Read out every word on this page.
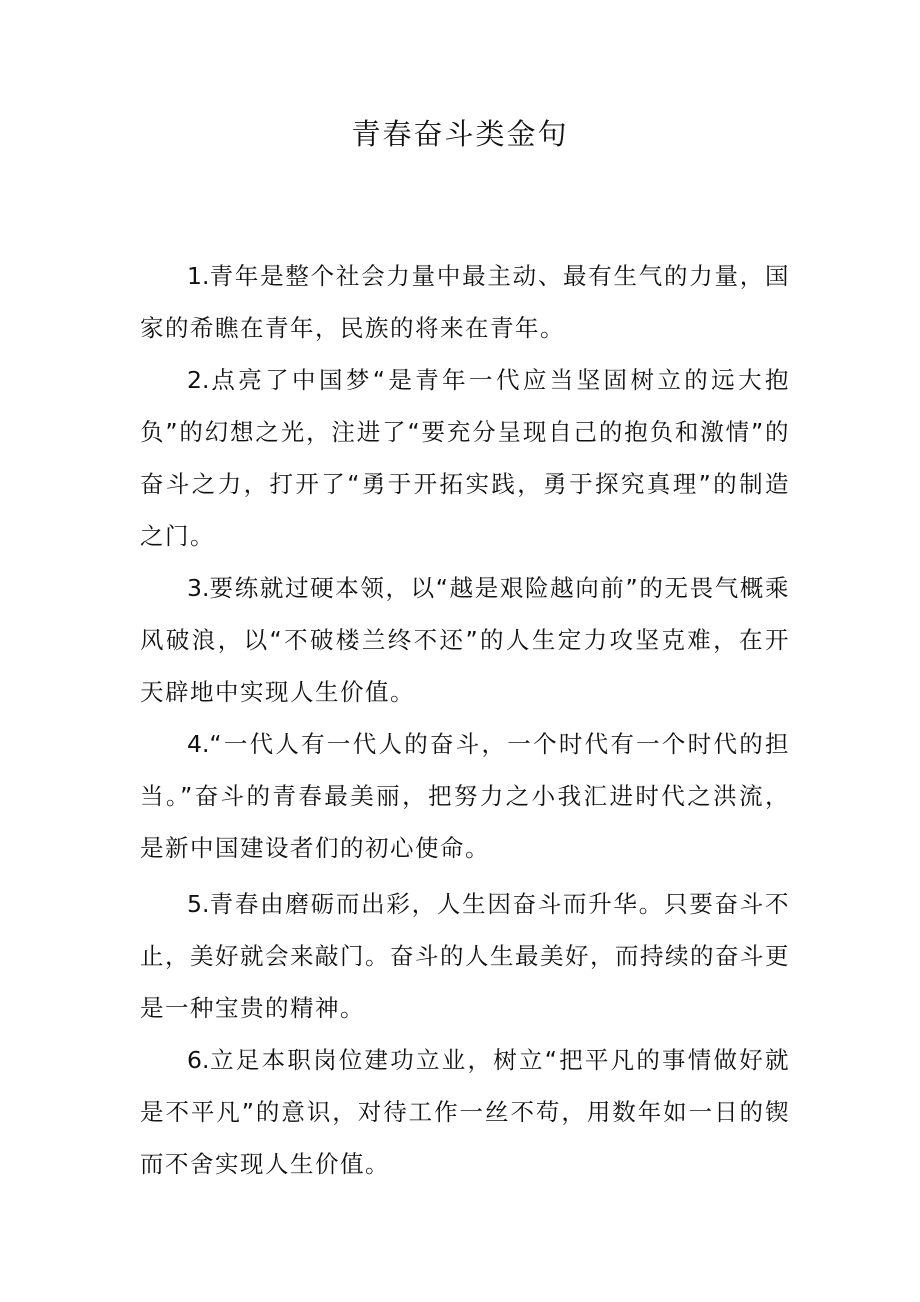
青春奋斗类金句

1.青年是整个社会力量中最主动、最有生气的力量，国家的希瞧在青年，民族的将来在青年。

2.点亮了中国梦“是青年一代应当坚固树立的远大抱负”的幻想之光，注进了“要充分呈现自己的抱负和激情”的奋斗之力，打开了“勇于开拓实践，勇于探究真理”的制造之门。

3.要练就过硬本领，以“越是艰险越向前”的无畏气概乘风破浪，以“不破楼兰终不还”的人生定力攻坚克难，在开天辟地中实现人生价值。

4.“一代人有一代人的奋斗，一个时代有一个时代的担当。”奋斗的青春最美丽，把努力之小我汇进时代之洪流，是新中国建设者们的初心使命。

5.青春由磨砺而出彩，人生因奋斗而升华。只要奋斗不止，美好就会来敲门。奋斗的人生最美好，而持续的奋斗更是一种宝贵的精神。

6.立足本职岗位建功立业，树立“把平凡的事情做好就是不平凡”的意识，对待工作一丝不苟，用数年如一日的锲而不舍实现人生价值。
